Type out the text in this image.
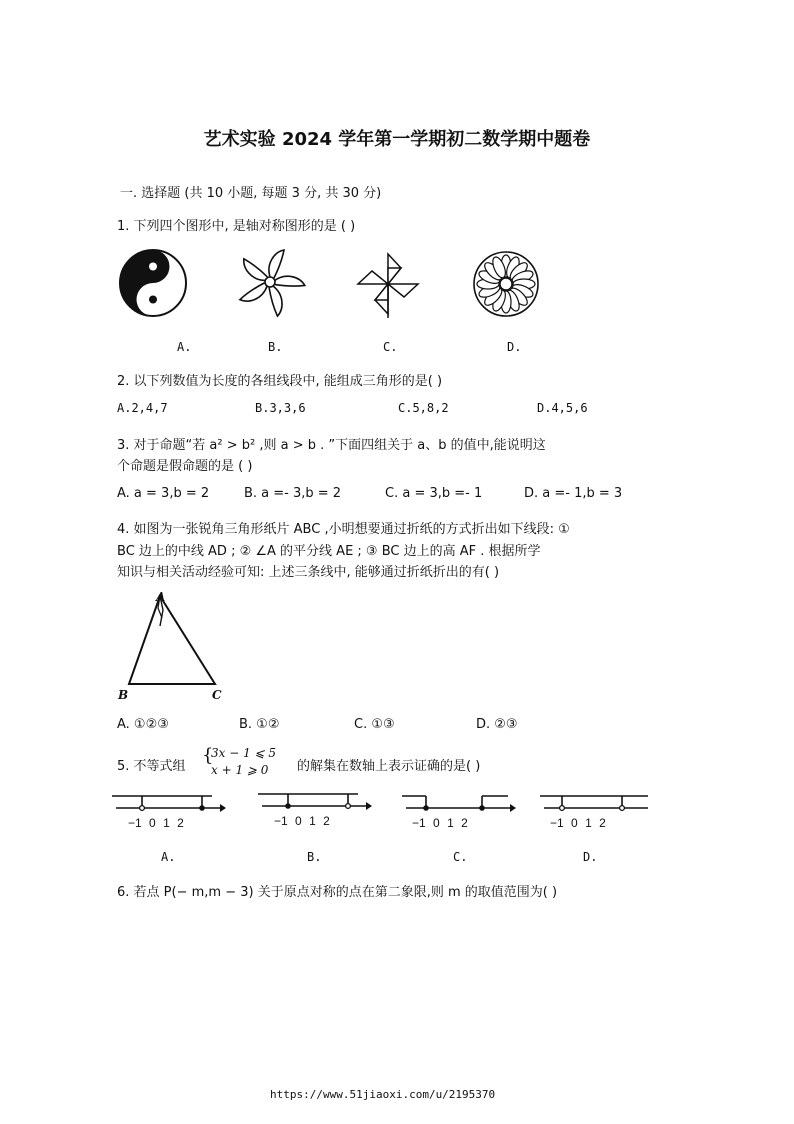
艺术实验 2024 学年第一学期初二数学期中题卷
一. 选择题 (共 10 小题, 每题 3 分, 共 30 分)
1. 下列四个图形中, 是轴对称图形的是 ( )
A.	B.	C.	D.
2. 以下列数值为长度的各组线段中, 能组成三角形的是( )
A.2,4,7	B.3,3,6	C.5,8,2	D.4,5,6
3. 对于命题“若 a² > b² ,则 a > b . ”下面四组关于 a、b 的值中,能说明这
个命题是假命题的是 ( )
A. a = 3,b = 2	B. a =- 3,b = 2	C. a = 3,b =- 1	D. a =- 1,b = 3
4. 如图为一张锐角三角形纸片 ABC ,小明想要通过折纸的方式折出如下线段: ①
BC 边上的中线 AD ; ② ∠A 的平分线 AE ; ③ BC 边上的高 AF . 根据所学
知识与相关活动经验可知: 上述三条线中, 能够通过折纸折出的有( )
A
B	C
A. ①②③	B. ①②	C. ①③	D. ②③
5. 不等式组
{
3x − 1 ⩽ 5
x + 1 ⩾ 0 的解集在数轴上表示证确的是( )
−1 0 1 2	−1 0 1 2	−1 0 1 2	−1 0 1 2
A.	B.	C.	D.
6. 若点 P(− m,m − 3) 关于原点对称的点在第二象限,则 m 的取值范围为( )
https://www.51jiaoxi.com/u/2195370
